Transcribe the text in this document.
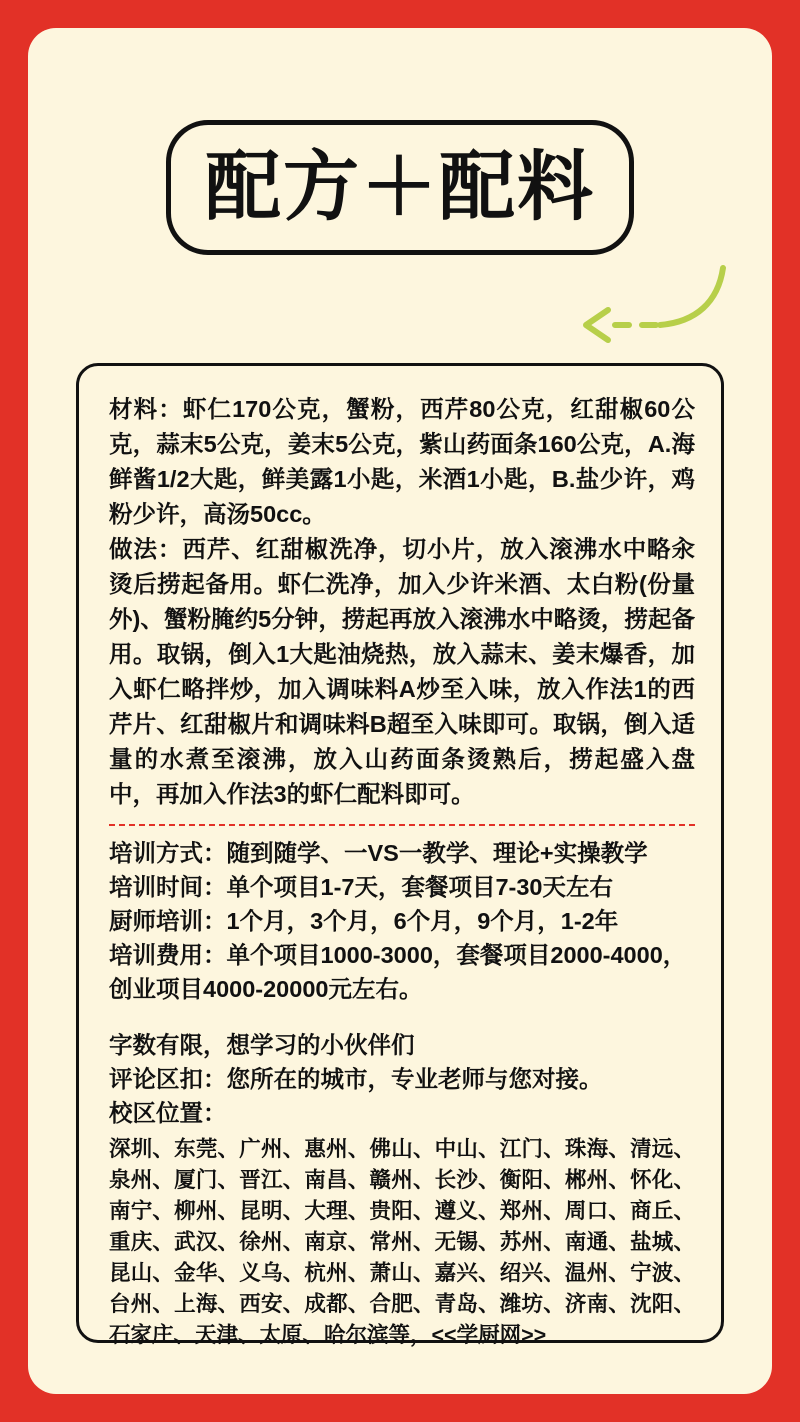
配方＋配料

材料：虾仁170公克，蟹粉，西芹80公克，红甜椒60公克，蒜末5公克，姜末5公克，紫山药面条160公克，A.海鲜酱1/2大匙，鲜美露1小匙，米酒1小匙，B.盐少许，鸡粉少许，高汤50cc。

做法：西芹、红甜椒洗净，切小片，放入滚沸水中略汆烫后捞起备用。虾仁洗净，加入少许米酒、太白粉(份量外)、蟹粉腌约5分钟，捞起再放入滚沸水中略烫，捞起备用。取锅，倒入1大匙油烧热，放入蒜末、姜末爆香，加入虾仁略拌炒，加入调味料A炒至入味，放入作法1的西芹片、红甜椒片和调味料B超至入味即可。取锅，倒入适量的水煮至滚沸，放入山药面条烫熟后，捞起盛入盘中，再加入作法3的虾仁配料即可。

培训方式：随到随学、一VS一教学、理论+实操教学
培训时间：单个项目1-7天，套餐项目7-30天左右
厨师培训：1个月，3个月，6个月，9个月，1-2年
培训费用：单个项目1000-3000，套餐项目2000-4000，创业项目4000-20000元左右。
字数有限，想学习的小伙伴们
评论区扣：您所在的城市，专业老师与您对接。
校区位置：
深圳、东莞、广州、惠州、佛山、中山、江门、珠海、清远、泉州、厦门、晋江、南昌、赣州、长沙、衡阳、郴州、怀化、南宁、柳州、昆明、大理、贵阳、遵义、郑州、周口、商丘、重庆、武汉、徐州、南京、常州、无锡、苏州、南通、盐城、昆山、金华、义乌、杭州、萧山、嘉兴、绍兴、温州、宁波、台州、上海、西安、成都、合肥、青岛、潍坊、济南、沈阳、石家庄、天津、太原、哈尔滨等，<<学厨网>>
